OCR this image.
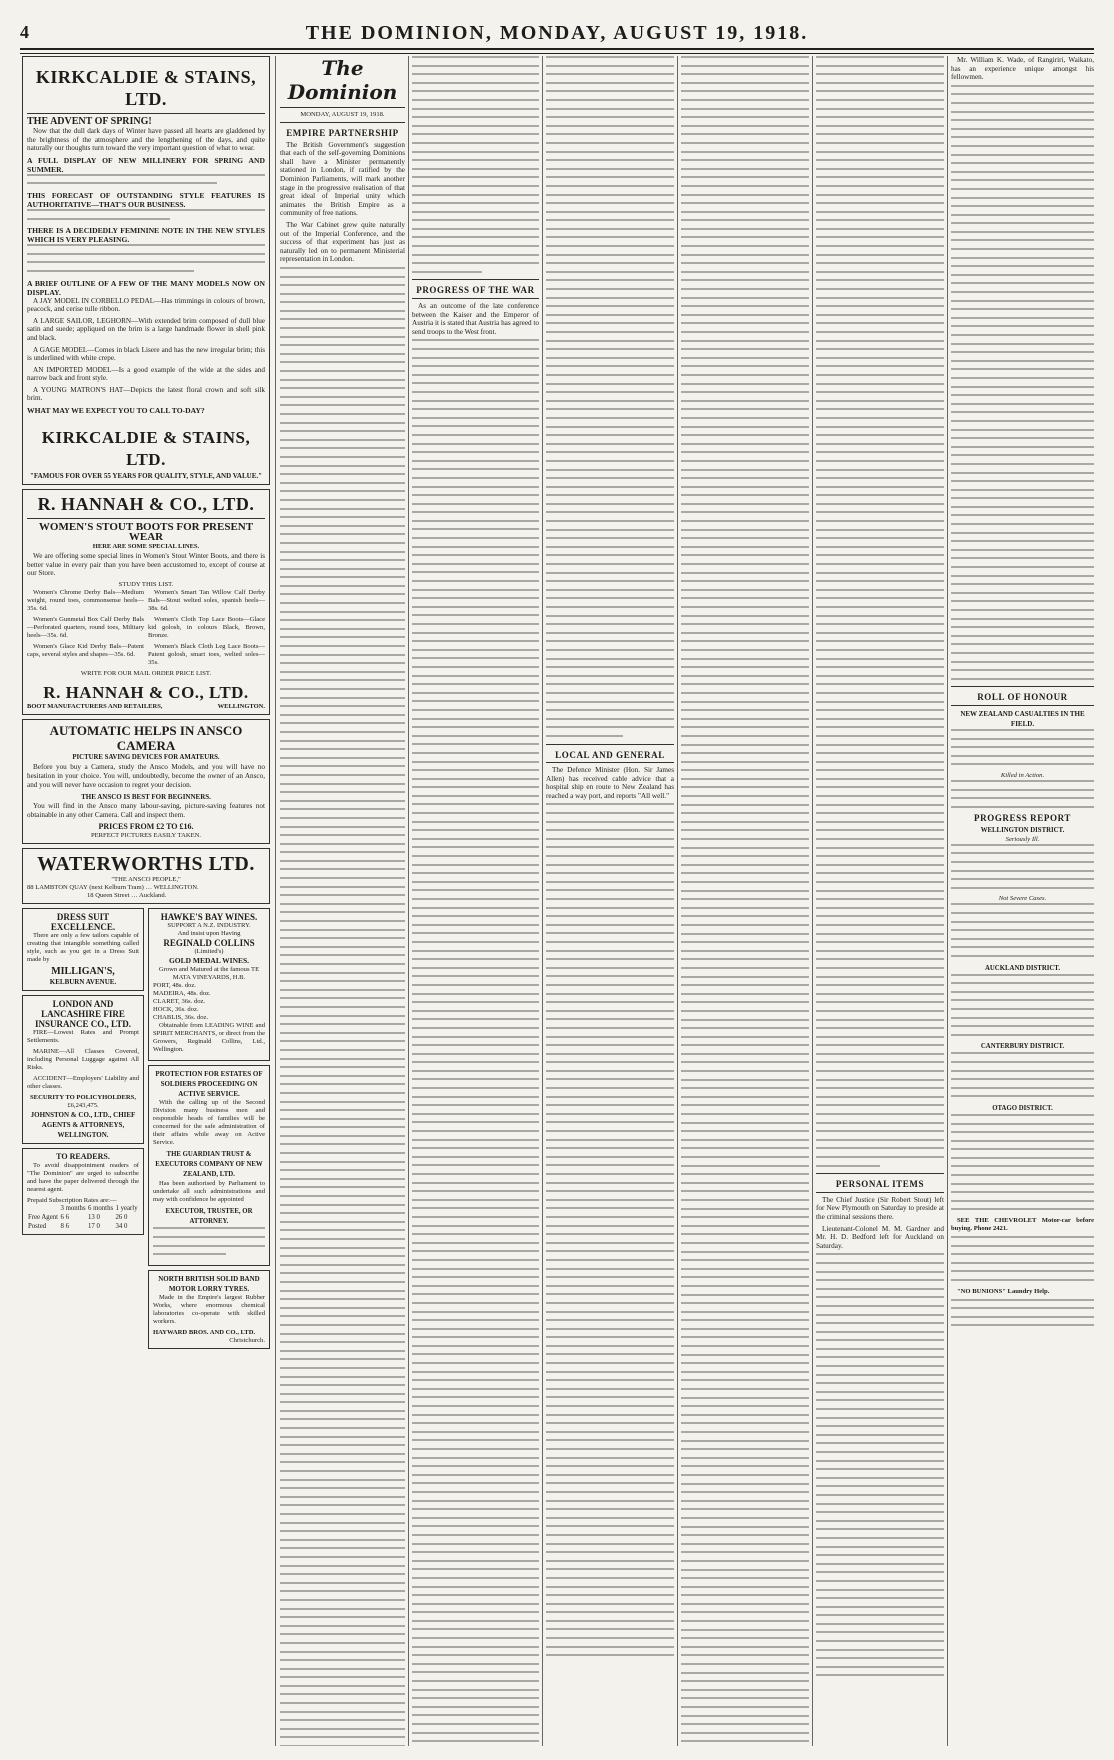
4	THE DOMINION, MONDAY, AUGUST 19, 1918.
KIRKCALDIE & STAINS, LTD.
THE ADVENT OF SPRING!

Now that the dull dark days of Winter have passed all hearts are gladdened by the brightness of the atmosphere and the lengthening of the days, and quite naturally our thoughts turn toward the very important question of what to wear.

A FULL DISPLAY OF NEW MILLINERY FOR SPRING AND SUMMER.
THIS FORECAST OF OUTSTANDING STYLE FEATURES IS AUTHORITATIVE—THAT'S OUR BUSINESS.
THERE IS A DECIDEDLY FEMININE NOTE IN THE NEW STYLES WHICH IS VERY PLEASING.
A BRIEF OUTLINE OF A FEW OF THE MANY MODELS NOW ON DISPLAY.

A JAY MODEL IN CORBELLO PEDAL—Has trimmings in colours of brown, peacock, and cerise tulle ribbon.

A LARGE SAILOR, LEGHORN—With extended brim composed of dull blue satin and suede; appliqued on the brim is a large handmade flower in shell pink and black.

A GAGE MODEL—Comes in black Lisere and has the new irregular brim; this is underlined with white crepe.

AN IMPORTED MODEL—Is a good example of the wide at the sides and narrow back and front style.

A YOUNG MATRON'S HAT—Depicts the latest floral crown and soft silk brim.

WHAT MAY WE EXPECT YOU TO CALL TO-DAY?
KIRKCALDIE & STAINS, LTD.
"FAMOUS FOR OVER 55 YEARS FOR QUALITY, STYLE, AND VALUE."
R. HANNAH & CO., LTD.
WOMEN'S STOUT BOOTS FOR PRESENT WEAR
HERE ARE SOME SPECIAL LINES.

We are offering some special lines in Women's Stout Winter Boots, and there is better value in every pair than you have been accustomed to, except of course at our Store.

STUDY THIS LIST.

Women's Chrome Derby Bals—Medium weight, round toes, commonsense heels—35s. 6d.

Women's Gunmetal Box Calf Derby Bals—Perforated quarters, round toes, Military heels—35s. 6d.

Women's Glace Kid Derby Bals—Patent caps, several styles and shapes—35s. 6d.

Women's Smart Tan Willow Calf Derby Bals—Stout welted soles, spanish heels—38s. 6d.

Women's Cloth Top Lace Boots—Glace kid golosh, in colours Black, Brown, Bronze.

Women's Black Cloth Leg Lace Boots—Patent golosh, smart toes, welted soles—35s.

WRITE FOR OUR MAIL ORDER PRICE LIST.
R. HANNAH & CO., LTD.
BOOT MANUFACTURERS AND RETAILERS,	WELLINGTON.
AUTOMATIC HELPS IN ANSCO CAMERA
PICTURE SAVING DEVICES FOR AMATEURS.

Before you buy a Camera, study the Ansco Models, and you will have no hesitation in your choice. You will, undoubtedly, become the owner of an Ansco, and you will never have occasion to regret your decision.

THE ANSCO IS BEST FOR BEGINNERS.

You will find in the Ansco many labour-saving, picture-saving features not obtainable in any other Camera. Call and inspect them.

PRICES FROM £2 TO £16.
PERFECT PICTURES EASILY TAKEN.
WATERWORTHS LTD.
"THE ANSCO PEOPLE,"
88 LAMBTON QUAY (next Kelburn Tram) … WELLINGTON.
18 Queen Street … Auckland.
DRESS SUIT EXCELLENCE.

There are only a few tailors capable of creating that intangible something called style, such as you get in a Dress Suit made by

MILLIGAN'S,
KELBURN AVENUE.
LONDON AND LANCASHIRE FIRE INSURANCE CO., LTD.

FIRE—Lowest Rates and Prompt Settlements.

MARINE—All Classes Covered, including Personal Luggage against All Risks.

ACCIDENT—Employers' Liability and other classes.

SECURITY TO POLICYHOLDERS,
£6,243,475.
JOHNSTON & CO., LTD., CHIEF AGENTS & ATTORNEYS, WELLINGTON.
TO READERS.

To avoid disappointment readers of "The Dominion" are urged to subscribe and have the paper delivered through the nearest agent.

Prepaid Subscription Rates are:—
	3 months	6 months	1 yearly
Free Agent	6 6	13 0	26 0
Posted	8 6	17 0	34 0
HAWKE'S BAY WINES.
SUPPORT A N.Z. INDUSTRY.
And insist upon Having
REGINALD COLLINS
(Limited's)
GOLD MEDAL WINES.
Grown and Matured at the famous TE MATA VINEYARDS, H.B.
PORT, 48s. doz.
MADEIRA, 48s. doz.
CLARET, 36s. doz.
HOCK, 36s. doz.
CHABLIS, 36s. doz.

Obtainable from LEADING WINE and SPIRIT MERCHANTS, or direct from the Growers, Reginald Collins, Ltd., Wellington.

PROTECTION FOR ESTATES OF SOLDIERS PROCEEDING ON ACTIVE SERVICE.

With the calling up of the Second Division many business men and responsible heads of families will be concerned for the safe administration of their affairs while away on Active Service.

THE GUARDIAN TRUST & EXECUTORS COMPANY OF NEW ZEALAND, LTD.

Has been authorised by Parliament to undertake all such administrations and may with confidence be appointed

EXECUTOR, TRUSTEE, OR ATTORNEY.
NORTH BRITISH SOLID BAND MOTOR LORRY TYRES.

Made in the Empire's largest Rubber Works, where enormous chemical laboratories co-operate with skilled workers.

HAYWARD BROS. AND CO., LTD.
Christchurch.
The Dominion
MONDAY, AUGUST 19, 1918.
EMPIRE PARTNERSHIP

The British Government's suggestion that each of the self-governing Dominions shall have a Minister permanently stationed in London, if ratified by the Dominion Parliaments, will mark another stage in the progressive realisation of that great ideal of Imperial unity which animates the British Empire as a community of free nations.

The War Cabinet grew quite naturally out of the Imperial Conference, and the success of that experiment has just as naturally led on to permanent Ministerial representation in London.

PROGRESS OF THE WAR

As an outcome of the late conference between the Kaiser and the Emperor of Austria it is stated that Austria has agreed to send troops to the West front.

LOCAL AND GENERAL

The Defence Minister (Hon. Sir James Allen) has received cable advice that a hospital ship en route to New Zealand has reached a way port, and reports "All well."

PERSONAL ITEMS

The Chief Justice (Sir Robert Stout) left for New Plymouth on Saturday to preside at the criminal sessions there.

Lieutenant-Colonel M. M. Gardner and Mr. H. D. Bedford left for Auckland on Saturday.

Mr. William K. Wade, of Rangiriri, Waikato, has an experience unique amongst his fellowmen.

ROLL OF HONOUR
NEW ZEALAND CASUALTIES IN THE FIELD.
Killed in Action.
PROGRESS REPORT
WELLINGTON DISTRICT.
Seriously Ill.
Not Severe Cases.
AUCKLAND DISTRICT.
CANTERBURY DISTRICT.
OTAGO DISTRICT.

SEE THE CHEVROLET Motor-car before buying. Phone 2421.

"NO BUNIONS" Laundry Help.
